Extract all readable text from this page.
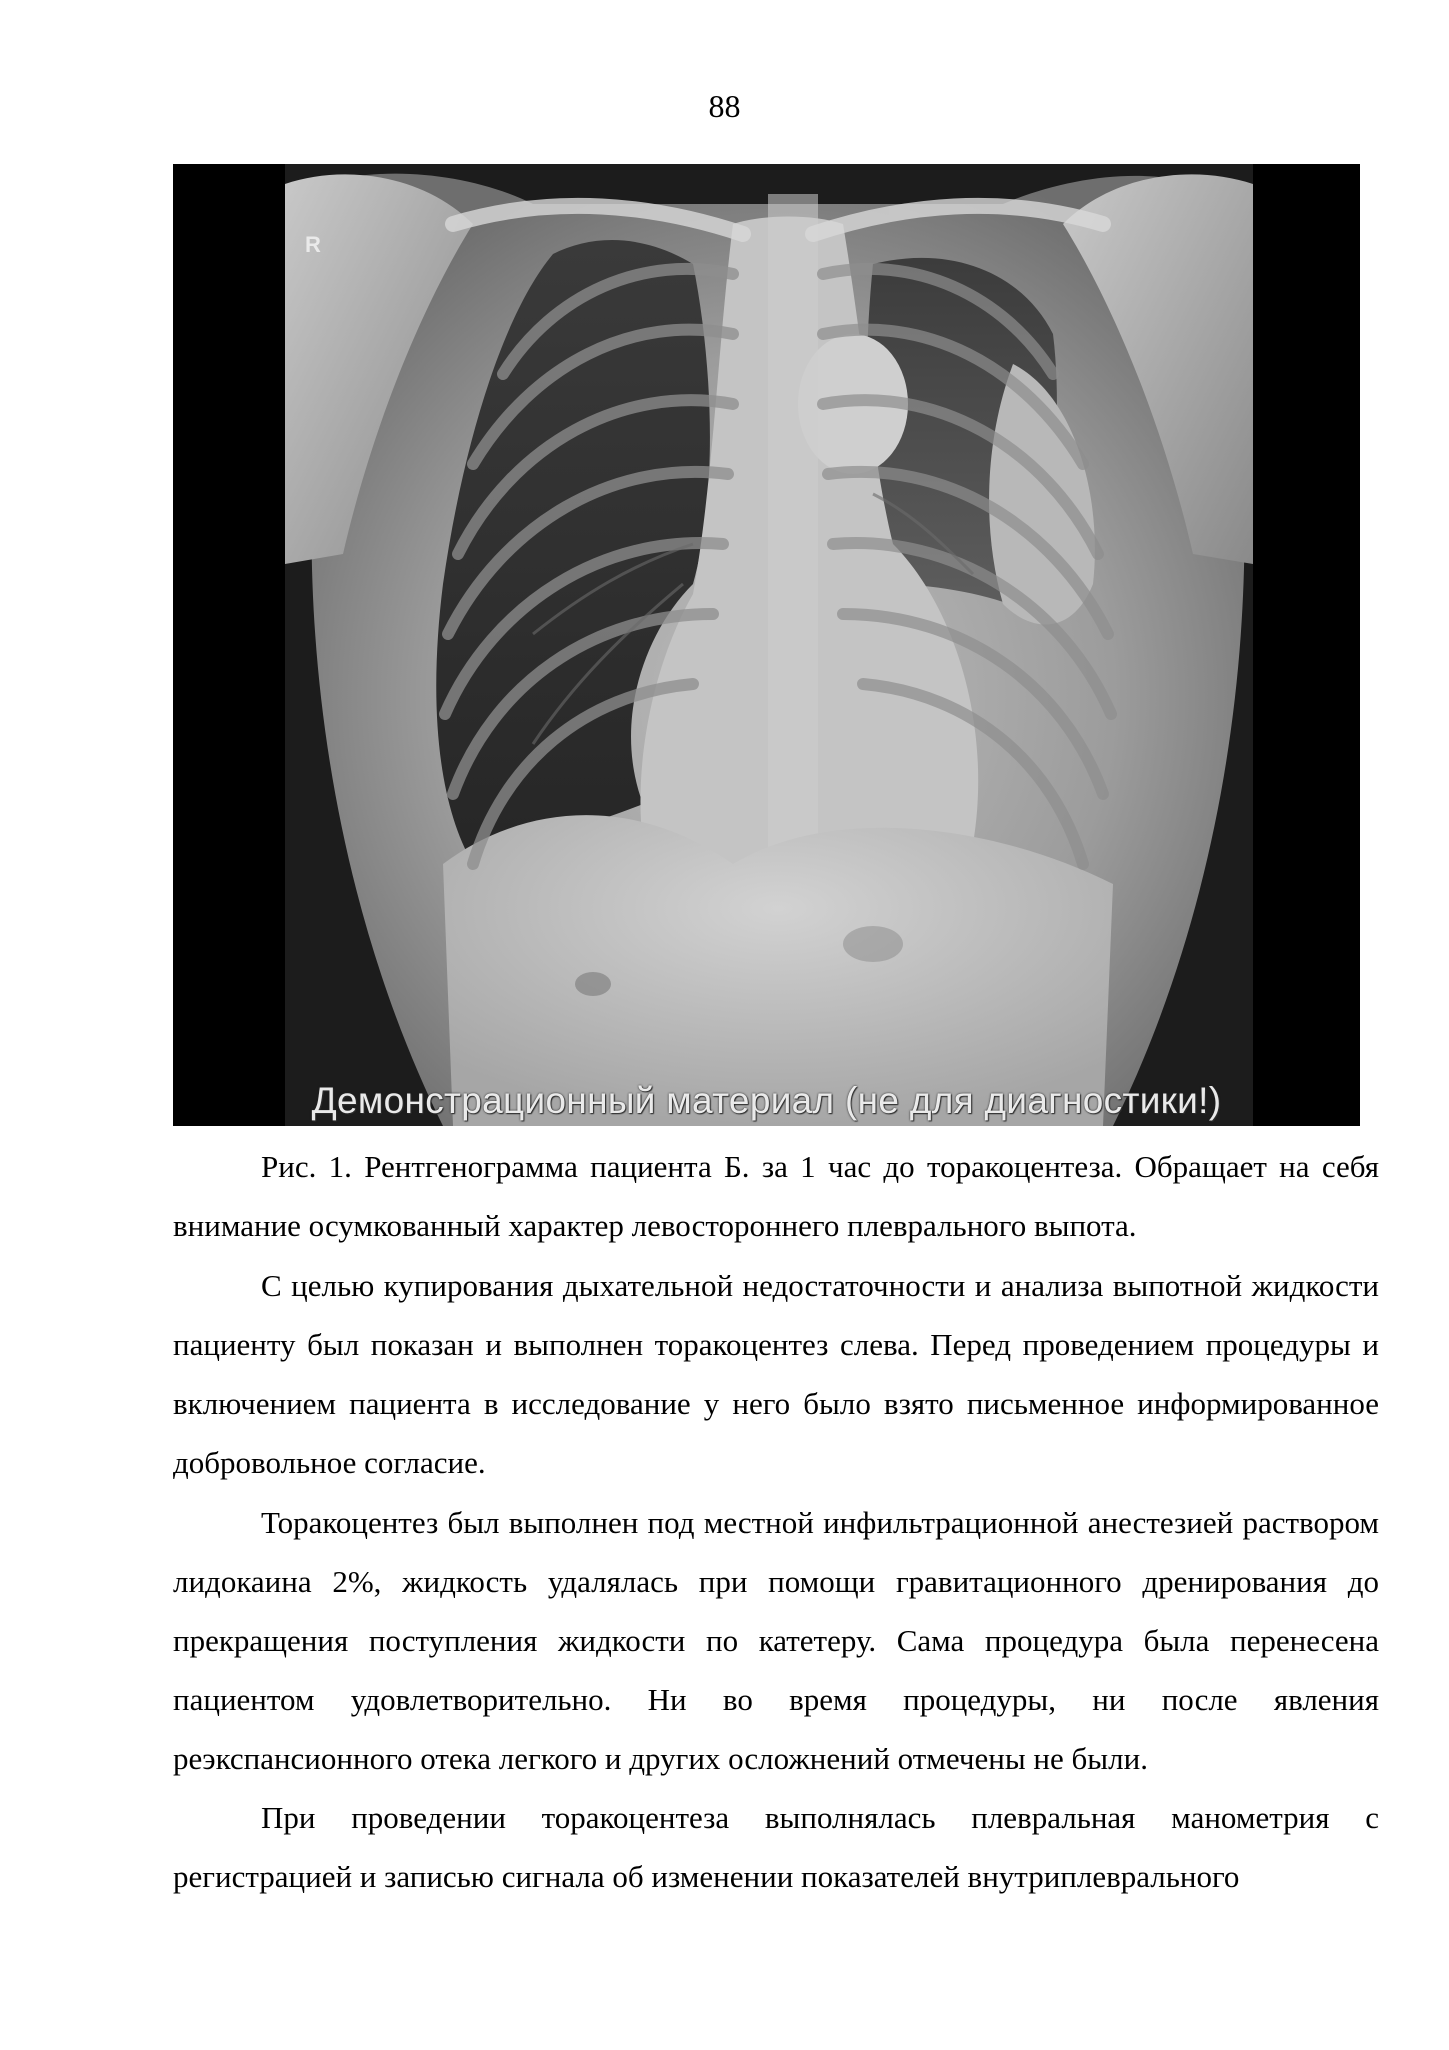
88
R
Демонстрационный материал (не для диагностики!)

Рис. 1. Рентгенограмма пациента Б. за 1 час до торакоцентеза. Обращает на себя внимание осумкованный характер левостороннего плеврального выпота.

С целью купирования дыхательной недостаточности и анализа выпотной жидкости пациенту был показан и выполнен торакоцентез слева. Перед проведением процедуры и включением пациента в исследование у него было взято письменное информированное добровольное согласие.

Торакоцентез был выполнен под местной инфильтрационной анестезией раствором лидокаина 2%, жидкость удалялась при помощи гравитационного дренирования до прекращения поступления жидкости по катетеру. Сама процедура была перенесена пациентом удовлетворительно. Ни во время процедуры, ни после явления реэкспансионного отека легкого и других осложнений отмечены не были.

При проведении торакоцентеза выполнялась плевральная манометрия с регистрацией и записью сигнала об изменении показателей внутриплеврального
